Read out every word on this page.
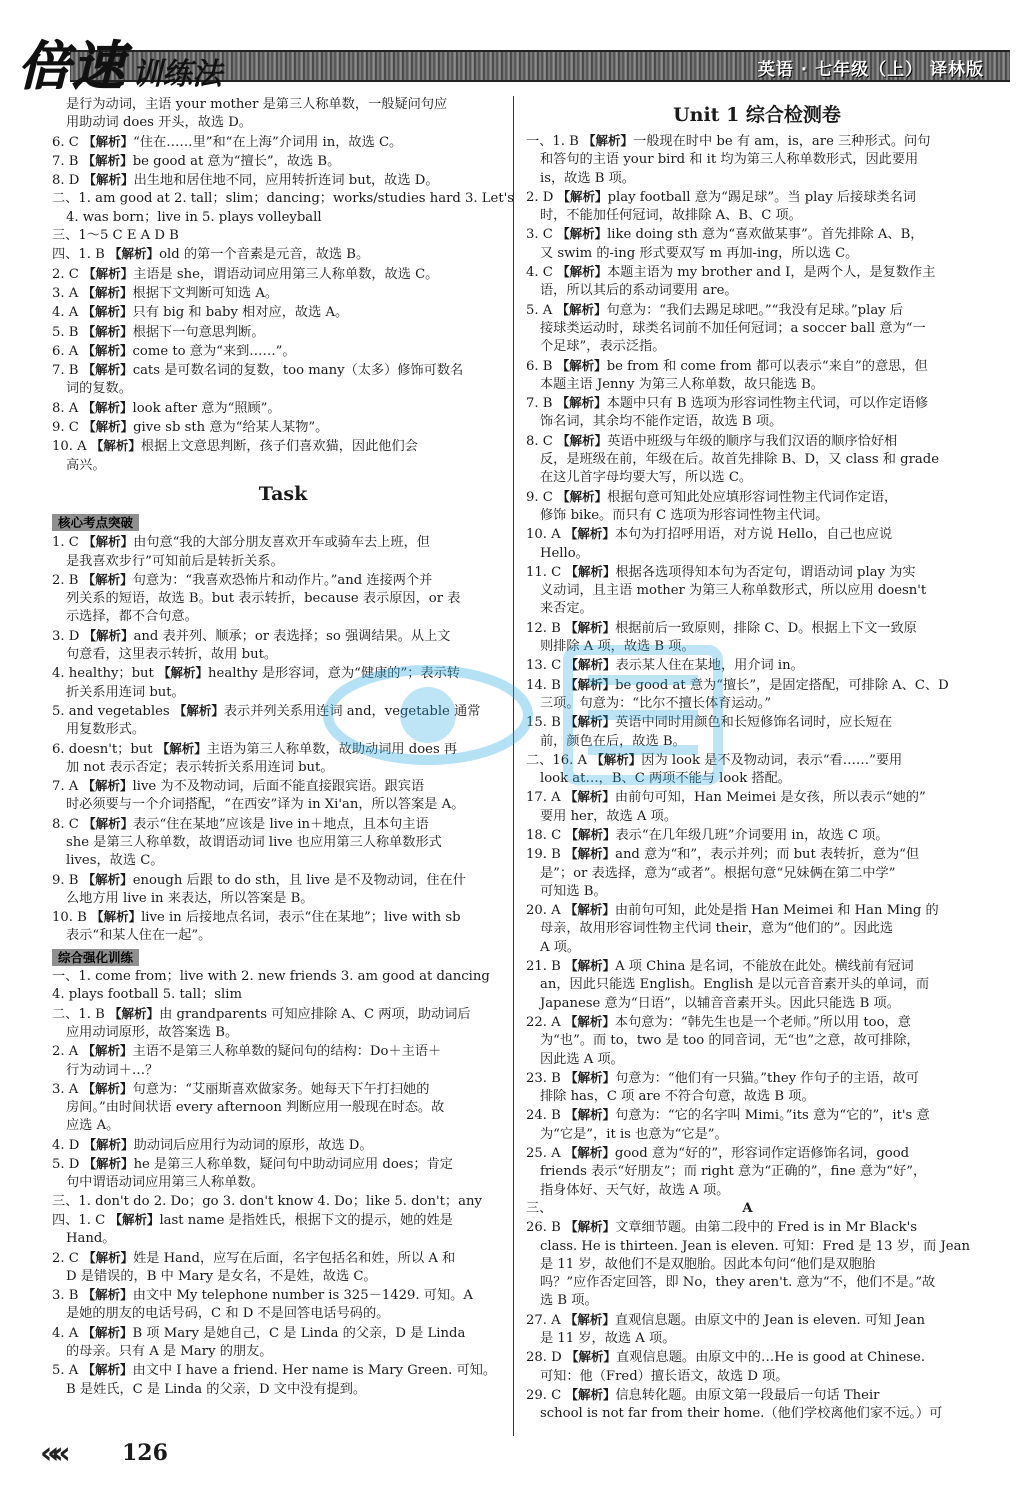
倍速 训练法	英语 · 七年级（上） 译林版
是行为动词，主语 your mother 是第三人称单数，一般疑问句应
用助动词 does 开头，故选 D。
6. C 【解析】“住在……里”和“在上海”介词用 in，故选 C。
7. B 【解析】be good at 意为“擅长”，故选 B。
8. D 【解析】出生地和居住地不同，应用转折连词 but，故选 D。
二、1. am good at 2. tall；slim；dancing；works/studies hard 3. Let's
4. was born；live in 5. plays volleyball
三、1～5 C E A D B
四、1. B 【解析】old 的第一个音素是元音，故选 B。
2. C 【解析】主语是 she，谓语动词应用第三人称单数，故选 C。
3. A 【解析】根据下文判断可知选 A。
4. A 【解析】只有 big 和 baby 相对应，故选 A。
5. B 【解析】根据下一句意思判断。
6. A 【解析】come to 意为“来到……”。
7. B 【解析】cats 是可数名词的复数，too many（太多）修饰可数名
词的复数。
8. A 【解析】look after 意为“照顾”。
9. C 【解析】give sb sth 意为“给某人某物”。
10. A 【解析】根据上文意思判断，孩子们喜欢猫，因此他们会
高兴。
Task
核心考点突破
1. C 【解析】由句意“我的大部分朋友喜欢开车或骑车去上班，但
是我喜欢步行”可知前后是转折关系。
2. B 【解析】句意为：“我喜欢恐怖片和动作片。”and 连接两个并
列关系的短语，故选 B。but 表示转折，because 表示原因，or 表
示选择，都不合句意。
3. D 【解析】and 表并列、顺承；or 表选择；so 强调结果。从上文
句意看，这里表示转折，故用 but。
4. healthy；but 【解析】healthy 是形容词，意为“健康的”；表示转
折关系用连词 but。
5. and vegetables 【解析】表示并列关系用连词 and，vegetable 通常
用复数形式。
6. doesn't；but 【解析】主语为第三人称单数，故助动词用 does 再
加 not 表示否定；表示转折关系用连词 but。
7. A 【解析】live 为不及物动词，后面不能直接跟宾语。跟宾语
时必须要与一个介词搭配，“在西安”译为 in Xi'an，所以答案是 A。
8. C 【解析】表示“住在某地”应该是 live in＋地点，且本句主语
she 是第三人称单数，故谓语动词 live 也应用第三人称单数形式
lives，故选 C。
9. B 【解析】enough 后跟 to do sth，且 live 是不及物动词，住在什
么地方用 live in 来表达，所以答案是 B。
10. B 【解析】live in 后接地点名词，表示“住在某地”；live with sb
表示“和某人住在一起”。
综合强化训练
一、1. come from；live with 2. new friends 3. am good at dancing
4. plays football 5. tall；slim
二、1. B 【解析】由 grandparents 可知应排除 A、C 两项，助动词后
应用动词原形，故答案选 B。
2. A 【解析】主语不是第三人称单数的疑问句的结构：Do＋主语＋
行为动词＋…？
3. A 【解析】句意为：“艾丽斯喜欢做家务。她每天下午打扫她的
房间。”由时间状语 every afternoon 判断应用一般现在时态。故
应选 A。
4. D 【解析】助动词后应用行为动词的原形，故选 D。
5. D 【解析】he 是第三人称单数，疑问句中助动词应用 does；肯定
句中谓语动词应用第三人称单数。
三、1. don't do 2. Do；go 3. don't know 4. Do；like 5. don't；any
四、1. C 【解析】last name 是指姓氏，根据下文的提示，她的姓是
Hand。
2. C 【解析】姓是 Hand，应写在后面，名字包括名和姓，所以 A 和
D 是错误的，B 中 Mary 是女名，不是姓，故选 C。
3. B 【解析】由文中 My telephone number is 325－1429. 可知。A
是她的朋友的电话号码，C 和 D 不是回答电话号码的。
4. A 【解析】B 项 Mary 是她自己，C 是 Linda 的父亲，D 是 Linda
的母亲。只有 A 是 Mary 的朋友。
5. A 【解析】由文中 I have a friend. Her name is Mary Green. 可知。
B 是姓氏，C 是 Linda 的父亲，D 文中没有提到。
Unit 1 综合检测卷
一、1. B 【解析】一般现在时中 be 有 am，is，are 三种形式。问句
和答句的主语 your bird 和 it 均为第三人称单数形式，因此要用
is，故选 B 项。
2. D 【解析】play football 意为“踢足球”。当 play 后接球类名词
时，不能加任何冠词，故排除 A、B、C 项。
3. C 【解析】like doing sth 意为“喜欢做某事”。首先排除 A、B，
又 swim 的-ing 形式要双写 m 再加-ing，所以选 C。
4. C 【解析】本题主语为 my brother and I，是两个人，是复数作主
语，所以其后的系动词要用 are。
5. A 【解析】句意为：“我们去踢足球吧。”“我没有足球。”play 后
接球类运动时，球类名词前不加任何冠词；a soccer ball 意为“一
个足球”，表示泛指。
6. B 【解析】be from 和 come from 都可以表示“来自”的意思，但
本题主语 Jenny 为第三人称单数，故只能选 B。
7. B 【解析】本题中只有 B 选项为形容词性物主代词，可以作定语修
饰名词，其余均不能作定语，故选 B 项。
8. C 【解析】英语中班级与年级的顺序与我们汉语的顺序恰好相
反，是班级在前，年级在后。故首先排除 B、D，又 class 和 grade
在这儿首字母均要大写，所以选 C。
9. C 【解析】根据句意可知此处应填形容词性物主代词作定语，
修饰 bike。而只有 C 选项为形容词性物主代词。
10. A 【解析】本句为打招呼用语，对方说 Hello，自己也应说
Hello。
11. C 【解析】根据各选项得知本句为否定句，谓语动词 play 为实
义动词，且主语 mother 为第三人称单数形式，所以应用 doesn't
来否定。
12. B 【解析】根据前后一致原则，排除 C、D。根据上下文一致原
则排除 A 项，故选 B 项。
13. C 【解析】表示某人住在某地，用介词 in。
14. B 【解析】be good at 意为“擅长”，是固定搭配，可排除 A、C、D
三项。句意为：“比尔不擅长体育运动。”
15. B 【解析】英语中同时用颜色和长短修饰名词时，应长短在
前，颜色在后，故选 B。
二、16. A 【解析】因为 look 是不及物动词，表示“看……”要用
look at…，B、C 两项不能与 look 搭配。
17. A 【解析】由前句可知，Han Meimei 是女孩，所以表示“她的”
要用 her，故选 A 项。
18. C 【解析】表示“在几年级几班”介词要用 in，故选 C 项。
19. B 【解析】and 意为“和”，表示并列；而 but 表转折，意为“但
是”；or 表选择，意为“或者”。根据句意“兄妹俩在第二中学”
可知选 B。
20. A 【解析】由前句可知，此处是指 Han Meimei 和 Han Ming 的
母亲，故用形容词性物主代词 their，意为“他们的”。因此选
A 项。
21. B 【解析】A 项 China 是名词，不能放在此处。横线前有冠词
an，因此只能选 English。English 是以元音音素开头的单词，而
Japanese 意为“日语”，以辅音音素开头。因此只能选 B 项。
22. A 【解析】本句意为：“韩先生也是一个老师。”所以用 too，意
为“也”。而 to，two 是 too 的同音词，无“也”之意，故可排除，
因此选 A 项。
23. B 【解析】句意为：“他们有一只猫。”they 作句子的主语，故可
排除 has，C 项 are 不符合句意，故选 B 项。
24. B 【解析】句意为：“它的名字叫 Mimi。”its 意为“它的”，it's 意
为“它是”，it is 也意为“它是”。
25. A 【解析】good 意为“好的”，形容词作定语修饰名词，good
friends 表示“好朋友”；而 right 意为“正确的”，fine 意为“好”，
指身体好、天气好，故选 A 项。
三、	A
26. B 【解析】文章细节题。由第二段中的 Fred is in Mr Black's
class. He is thirteen. Jean is eleven. 可知：Fred 是 13 岁，而 Jean
是 11 岁，故他们不是双胞胎。因此本句问“他们是双胞胎
吗？”应作否定回答，即 No，they aren't. 意为“不，他们不是。”故
选 B 项。
27. A 【解析】直观信息题。由原文中的 Jean is eleven. 可知 Jean
是 11 岁，故选 A 项。
28. D 【解析】直观信息题。由原文中的…He is good at Chinese.
可知：他（Fred）擅长语文，故选 D 项。
29. C 【解析】信息转化题。由原文第一段最后一句话 Their
school is not far from their home.（他们学校离他们家不远。）可
««	126
